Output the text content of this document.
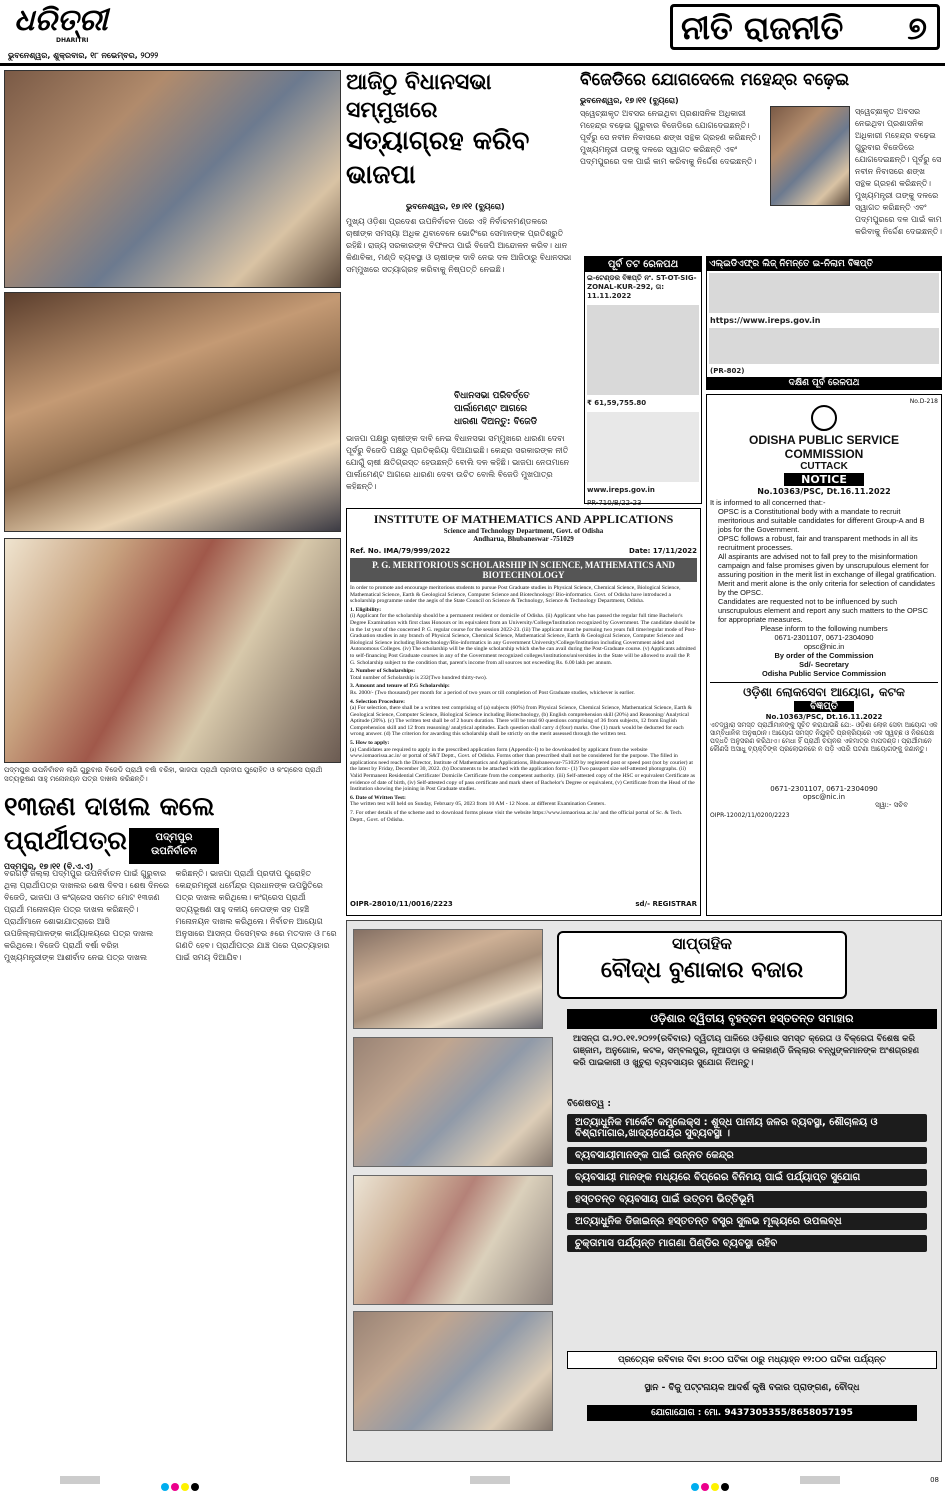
ଧରିତ୍ରୀ
DHARITRI
ଭୁବନେଶ୍ୱର, ଶୁକ୍ରବାର, ୧୮ ନଭେମ୍ବର, ୨୦୨୨
ନୀତି ରାଜନୀତି ୭
ପଦ୍ମପୁର ଉପନିର୍ବାଚନ ଲାଗି ଗୁରୁବାର ବିଜେଡି ପ୍ରାର୍ଥୀ ବର୍ଷା ବରିହା, ଭାଜପା ପ୍ରାର୍ଥୀ ପ୍ରଦୀପ ପୁରୋହିତ ଓ କଂଗ୍ରେସ ପ୍ରାର୍ଥୀ ସତ୍ୟଭୂଷଣ ସାହୁ ମନୋନୟନ ପତ୍ର ଦାଖଲ କରିଛନ୍ତି।
ଆଜିଠୁ ବିଧାନସଭା ସମ୍ମୁଖରେ
ସତ୍ୟାଗ୍ରହ କରିବ ଭାଜପା
ଭୁବନେଶ୍ୱର, ୧୭।୧୧ (ବ୍ୟୁରୋ)
ମୁଖ୍ୟ ଓଡ଼ିଶା ପ୍ରଦେଶ ଉପନିର୍ବାଚନ ପରେ ଏହି ନିର୍ବାଚନମଣ୍ଡଳରେ ଚାଷୀଙ୍କ ସମସ୍ୟା ଅଧିକ ଥିବାବେଳେ ଭୋଟିଂରେ ସେମାନଙ୍କ ପ୍ରତିଶ୍ରୁତି ରହିଛି। ରାଜ୍ୟ ସରକାରଙ୍କ ବିଫଳତା ପାଇଁ ବିଜେପି ଆନ୍ଦୋଳନ କରିବ। ଧାନ କିଣାବିକା, ମଣ୍ଡି ବ୍ୟବସ୍ଥା ଓ ଚାଷୀଙ୍କ ଦାବି ନେଇ ଦଳ ଆଜିଠାରୁ ବିଧାନସଭା ସମ୍ମୁଖରେ ସତ୍ୟାଗ୍ରହ କରିବାକୁ ନିଷ୍ପତ୍ତି ନେଇଛି।
ବିଧାନସଭା ପରିବର୍ତ୍ତେ
ପାର୍ଲାମେଣ୍ଟ ଆଗରେ
ଧାରଣା ଦିଅନ୍ତୁ: ବିଜେଡି
ଭାଜପା ପକ୍ଷରୁ ଚାଷୀଙ୍କ ଦାବି ନେଇ ବିଧାନସଭା ସମ୍ମୁଖରେ ଧାରଣା ଦେବା ପୂର୍ବରୁ ବିଜେଡି ପକ୍ଷରୁ ପ୍ରତିକ୍ରିୟା ଦିଆଯାଇଛି। କେନ୍ଦ୍ର ସରକାରଙ୍କ ନୀତି ଯୋଗୁଁ ଚାଷୀ କ୍ଷତିଗ୍ରସ୍ତ ହେଉଛନ୍ତି ବୋଲି ଦଳ କହିଛି। ଭାଜପା ନେତାମାନେ ପାର୍ଲାମେଣ୍ଟ ଆଗରେ ଧାରଣା ଦେବା ଉଚିତ ବୋଲି ବିଜେଡି ମୁଖପାତ୍ର କହିଛନ୍ତି।
ବିଜେଡିରେ ଯୋଗଦେଲେ ମହେନ୍ଦ୍ର ବଢ଼େଇ
ଭୁବନେଶ୍ୱର, ୧୭।୧୧ (ବ୍ୟୁରୋ)
ସ୍ୱେଚ୍ଛାକୃତ ଅବସର ନେଇଥିବା ପ୍ରଶାସନିକ ଅଧିକାରୀ ମହେନ୍ଦ୍ର ବଢ଼େଇ ଗୁରୁବାର ବିଜେଡିରେ ଯୋଗଦେଇଛନ୍ତି। ପୂର୍ବରୁ ସେ ନବୀନ ନିବାସରେ ଶଙ୍ଖ ସନ୍ଥକ ଗ୍ରହଣ କରିଛନ୍ତି। ମୁଖ୍ୟମନ୍ତ୍ରୀ ତାଙ୍କୁ ଦଳରେ ସ୍ୱାଗତ କରିଛନ୍ତି ଏବଂ ପଦ୍ମପୁରରେ ଦଳ ପାଇଁ କାମ କରିବାକୁ ନିର୍ଦ୍ଦେଶ ଦେଇଛନ୍ତି।
ସ୍ୱେଚ୍ଛାକୃତ ଅବସର ନେଇଥିବା ପ୍ରଶାସନିକ ଅଧିକାରୀ ମହେନ୍ଦ୍ର ବଢ଼େଇ ଗୁରୁବାର ବିଜେଡିରେ ଯୋଗଦେଇଛନ୍ତି। ପୂର୍ବରୁ ସେ ନବୀନ ନିବାସରେ ଶଙ୍ଖ ସନ୍ଥକ ଗ୍ରହଣ କରିଛନ୍ତି। ମୁଖ୍ୟମନ୍ତ୍ରୀ ତାଙ୍କୁ ଦଳରେ ସ୍ୱାଗତ କରିଛନ୍ତି ଏବଂ ପଦ୍ମପୁରରେ ଦଳ ପାଇଁ କାମ କରିବାକୁ ନିର୍ଦ୍ଦେଶ ଦେଇଛନ୍ତି।
ପୂର୍ବ ତଟ ରେଳପଥ
ଇ-ଟେଣ୍ଡର ବିଜ୍ଞପ୍ତି ନଂ. ST-OT-SIG-ZONAL-KUR-292, ତା: 11.11.2022
₹ 61,59,755.80
www.ireps.gov.in
PR-710/B/22-23
ଏଲ୍‌ଇଡିଏଫ୍‌ର ଲିଜ୍ ନିମନ୍ତେ ଇ-ନିଲାମ ବିଜ୍ଞପ୍ତି
https://www.ireps.gov.in
(PR-802)
ଦକ୍ଷିଣ ପୂର୍ବ ରେଳପଥ
INSTITUTE OF MATHEMATICS AND APPLICATIONS
Science and Technology Department, Govt. of Odisha
Andharua, Bhubaneswar -751029
Ref. No. IMA/79/999/2022	Date: 17/11/2022
P. G. MERITORIOUS SCHOLARSHIP IN SCIENCE, MATHEMATICS AND BIOTECHNOLOGY
In order to promote and encourage meritorious students to pursue Post Graduate studies in Physical Science, Chemical Science, Biological Science, Mathematical Science, Earth & Geological Science, Computer Science and Biotechnology/ Bio-informatics. Govt. of Odisha have introduced a scholarship programme under the aegis of the State Council on Science & Technology, Science & Technology Department, Odisha.
1. Eligibility:
(i) Applicant for the scholarship should be a permanent resident or domicile of Odisha. (ii) Applicant who has passed the regular full time Bachelor's Degree Examination with first class Honours or its equivalent from an University/College/Institution recognized by Government. The candidate should be in the 1st year of the concerned P. G. regular course for the session 2022-23. (iii) The applicant must be pursuing two years full time/regular mode of Post-Graduation studies in any branch of Physical Science, Chemical Science, Mathematical Science, Earth & Geological Science, Computer Science and Biological Science including Biotechnology/Bio-informatics in any Government University/College/Institution including Government aided and Autonomous Colleges. (iv) The scholarship will be the single scholarship which she/he can avail during the Post-Graduate course. (v) Applicants admitted to self-financing Post Graduate courses in any of the Government recognized colleges/institutions/universities in the State will be allowed to avail the P. G. Scholarship subject to the condition that, parent's income from all sources not exceeding Rs. 6.00 lakh per annum.
2. Number of Scholarships:
Total number of Scholarship is 232(Two hundred thirty-two).
3. Amount and tenure of P.G Scholarship:
Rs. 2000/- (Two thousand) per month for a period of two years or till completion of Post Graduate studies, whichever is earlier.
4. Selection Procedure:
(a) For selection, there shall be a written test comprising of (a) subjects (60%) from Physical Science, Chemical Science, Mathematical Science, Earth & Geological Science, Computer Science, Biological Science including Biotechnology, (b) English comprehension skill (20%) and Reasoning/ Analytical Aptitude (20%). (c) The written test shall be of 2 hours duration. There will be total 60 questions comprising of 36 from subjects, 12 from English Comprehension skill and 12 from reasoning/ analytical aptitudes. Each question shall carry 4 (four) marks. One (1) mark would be deducted for each wrong answer. (d) The criterion for awarding this scholarship shall be strictly on the merit assessed through the written test.
5. How to apply:
(a) Candidates are required to apply in the prescribed application form (Appendix-I) to be downloaded by applicant from the website www.iomaorissa.ac.in/ or portal of S&T Deptt., Govt. of Odisha. Forms other than prescribed shall not be considered for the purpose. The filled in applications need reach the Director, Institute of Mathematics and Applications, Bhubaneswar-751029 by registered post or speed post (not by courier) at the latest by Friday, December 30, 2022. (b) Documents to be attached with the application form:- (1) Two passport size self-attested photographs. (ii) Valid Permanent Residential Certificate/ Domicile Certificate from the competent authority. (iii) Self-attested copy of the HSC or equivalent Certificate as evidence of date of birth, (iv) Self-attested copy of pass certificate and mark sheet of Bachelor's Degree or equivalent, (v) Certificate from the Head of the Institution showing the joining in Post Graduate studies.
6. Date of Written Test:
The written test will held on Sunday, February 05, 2023 from 10 AM - 12 Noon. at different Examination Centers.
7. For other details of the scheme and to download forms please visit the website https://www.iomaorissa.ac.in/ and the official portal of Sc. & Tech. Deptt., Govt. of Odisha.
OIPR-28010/11/0016/2223	sd/- REGISTRAR
No.D-218
ODISHA PUBLIC SERVICE COMMISSION
CUTTACK
NOTICE
No.10363/PSC, Dt.16.11.2022
It is informed to all concerned that:-
OPSC is a Constitutional body with a mandate to recruit meritorious and suitable candidates for different Group-A and B jobs for the Government.
OPSC follows a robust, fair and transparent methods in all its recruitment processes.
All aspirants are advised not to fall prey to the misinformation campaign and false promises given by unscrupulous element for assuring position in the merit list in exchange of illegal gratification.
Merit and merit alone is the only criteria for selection of candidates by the OPSC.
Candidates are requested not to be influenced by such unscrupulous element and report any such matters to the OPSC for appropriate measures.
Please inform to the following numbers
0671-2301107, 0671-2304090
opsc@nic.in
By order of the Commission
Sd/- Secretary
Odisha Public Service Commission
ଓଡ଼ିଶା ଲୋକସେବା ଆୟୋଗ, କଟକ
ବିଜ୍ଞପ୍ତି
No.10363/PSC, Dt.16.11.2022
ଏତଦ୍ୱାରା ସମସ୍ତ ପ୍ରାର୍ଥୀମାନଙ୍କୁ ସୂଚିତ କରାଯାଉଛି ଯେ:- ଓଡ଼ିଶା ଲୋକ ସେବା ଆୟୋଗ ଏକ ସାମ୍ବିଧାନିକ ଅନୁଷ୍ଠାନ। ଆୟୋଗ ସମସ୍ତ ନିଯୁକ୍ତି ପ୍ରକ୍ରିୟାରେ ଏକ ସ୍ୱଚ୍ଛ ଓ ନିରପେକ୍ଷ ପଦ୍ଧତି ଅନୁସରଣ କରିଥାଏ। ମେଧା ହିଁ ପ୍ରାର୍ଥୀ ଚୟନର ଏକମାତ୍ର ମାପଦଣ୍ଡ। ପ୍ରାର୍ଥୀମାନେ କୌଣସି ଅସାଧୁ ବ୍ୟକ୍ତିଙ୍କ ପ୍ରଲୋଭନରେ ନ ପଡ଼ି ଏପରି ଘଟଣା ଆୟୋଗଙ୍କୁ ଜଣାନ୍ତୁ।
0671-2301107, 0671-2304090
opsc@nic.in
ସ୍ୱା:- ସଚିବ
OIPR-12002/11/0200/2223
୧୩ଜଣ ଦାଖଲ କଲେ ପ୍ରାର୍ଥୀପତ୍ର
ପଦ୍ମପୁର, ୧୭।୧୧ (ବି.ଏ.ଏ)
ପଦ୍ମପୁର
ଉପନିର୍ବାଚନ
ବରଗଡ଼ ଜିଲ୍ଲା ପଦ୍ମପୁର ଉପନିର୍ବାଚନ ପାଇଁ ଗୁରୁବାର ଥିଲା ପ୍ରାର୍ଥୀପତ୍ର ଦାଖଲର ଶେଷ ଦିବସ। ଶେଷ ଦିନରେ ବିଜେଡି, ଭାଜପା ଓ କଂଗ୍ରେସ ସମେତ ମୋଟ ୧୩ଜଣ ପ୍ରାର୍ଥୀ ମନୋନୟନ ପତ୍ର ଦାଖଲ କରିଛନ୍ତି। ପ୍ରାର୍ଥୀମାନେ ଶୋଭାଯାତ୍ରାରେ ଆସି ଉପଜିଲ୍ଲାପାଳଙ୍କ କାର୍ଯ୍ୟାଳୟରେ ପତ୍ର ଦାଖଲ କରିଥିଲେ। ବିଜେଡି ପ୍ରାର୍ଥୀ ବର୍ଷା ବରିହା ମୁଖ୍ୟମନ୍ତ୍ରୀଙ୍କ ଆଶୀର୍ବାଦ ନେଇ ପତ୍ର ଦାଖଲ କରିଛନ୍ତି। ଭାଜପା ପ୍ରାର୍ଥୀ ପ୍ରଦୀପ ପୁରୋହିତ କେନ୍ଦ୍ରମନ୍ତ୍ରୀ ଧର୍ମେନ୍ଦ୍ର ପ୍ରଧାନଙ୍କ ଉପସ୍ଥିତିରେ ପତ୍ର ଦାଖଲ କରିଥିଲେ। କଂଗ୍ରେସ ପ୍ରାର୍ଥୀ ସତ୍ୟଭୂଷଣ ସାହୁ ଦଳୀୟ ନେତାଙ୍କ ସହ ପହଞ୍ଚି ମନୋନୟନ ଦାଖଲ କରିଥିଲେ। ନିର୍ବାଚନ ଆୟୋଗ ଅନୁସାରେ ଆସନ୍ତା ଡିସେମ୍ବର ୫ରେ ମତଦାନ ଓ ୮ରେ ଗଣତି ହେବ। ପ୍ରାର୍ଥୀପତ୍ର ଯାଞ୍ଚ ପରେ ପ୍ରତ୍ୟାହାର ପାଇଁ ସମୟ ଦିଆଯିବ।
ସାପ୍ତାହିକ
ବୌଦ୍ଧ ବୁଣାକାର ବଜାର
ଓଡ଼ିଶାର ଦ୍ୱିତୀୟ ବୃହତ୍ତମ ହସ୍ତତନ୍ତ ସମାହାର
ଆସନ୍ତା ତା.୨୦.୧୧.୨୦୨୨(ରବିବାର) ଦ୍ୱିତୀୟ ପାଳିରେ ଓଡ଼ିଶାର ସମସ୍ତ କ୍ରେତା ଓ ବିକ୍ରେତା ବିଶେଷ କରି ଗଞ୍ଜାମ, ଅନୁଗୋଳ, କଟକ, ସମ୍ବଲପୁର, ନୂଆପଡ଼ା ଓ କଳାହାଣ୍ଡି ଜିଲ୍ଲାର ବନ୍ଧୁଙ୍କମାନଙ୍କ ଅଂଶଗ୍ରହଣ କରି ପାଇକାରୀ ଓ ଖୁଚୁରା ବ୍ୟବସାୟର ସୁଯୋଗ ନିଅନ୍ତୁ।
ବିଶେଷତ୍ୱ :
ଅତ୍ୟାଧୁନିକ ମାର୍କେଟ କମ୍ପ୍ଲେକ୍ସ : ଶୁଦ୍ଧ ପାନୀୟ ଜଳର ବ୍ୟବସ୍ଥା, ଶୌଚାଳୟ ଓ ବିଶ୍ରାମାଗାର,ଖାଦ୍ୟପେୟର ସୁବ୍ୟବସ୍ଥା ।
ବ୍ୟବସାୟୀମାନଙ୍କ ପାଇଁ ଉନ୍ନତ କେନ୍ଦ୍ର
ବ୍ୟବସାୟୀ ମାନଙ୍କ ମଧ୍ୟରେ ବିପ୍ରେର ବିନିମୟ ପାଇଁ ପର୍ଯ୍ୟାପ୍ତ ସୁଯୋଗ
ହସ୍ତତନ୍ତ ବ୍ୟବସାୟ ପାଇଁ ଉତ୍ତମ ଭିତ୍ତିଭୂମି
ଅତ୍ୟାଧୁନିକ ଡିଜାଇନ୍‌ର ହସ୍ତତନ୍ତ ବସ୍ତ୍ର ସୁଲଭ ମୂଲ୍ୟରେ ଉପଲବ୍ଧ
ଚୁକ୍ତାମାସ ପର୍ଯ୍ୟନ୍ତ ମାଗଣା ପିଣ୍ଡିର ବ୍ୟବସ୍ଥା ରହିବ
ପ୍ରତ୍ୟେକ ରବିବାର ଦିବା ୭:୦୦ ଘଟିକା ଠାରୁ ମଧ୍ୟାହ୍ନ ୧୨:୦୦ ଘଟିକା ପର୍ଯ୍ୟନ୍ତ
ସ୍ଥାନ - ବିଜୁ ପଟ୍ଟନାୟକ ଆଦର୍ଶ କୃଷି ବଜାର ପ୍ରାଙ୍ଗଣ, ବୌଦ୍ଧ
ଯୋଗାଯୋଗ : ମୋ. 9437305355/8658057195
08
